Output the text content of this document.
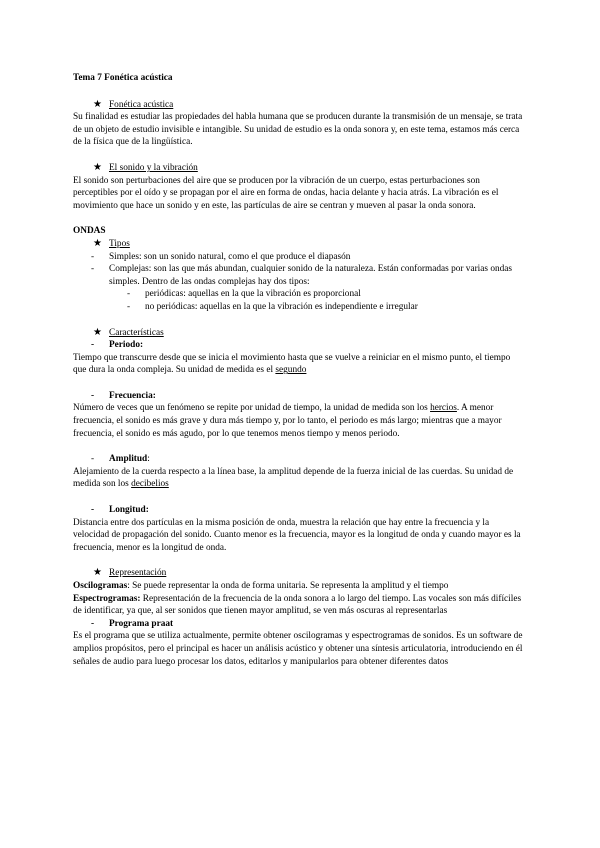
Tema 7 Fonética acústica

★ Fonética acústica

Su finalidad es estudiar las propiedades del habla humana que se producen durante la transmisión de un mensaje, se trata de un objeto de estudio invisible e intangible. Su unidad de estudio es la onda sonora y, en este tema, estamos más cerca de la física que de la lingüística.

★ El sonido y la vibración

El sonido son perturbaciones del aire que se producen por la vibración de un cuerpo, estas perturbaciones son perceptibles por el oído y se propagan por el aire en forma de ondas, hacia delante y hacia atrás. La vibración es el movimiento que hace un sonido y en este, las partículas de aire se centran y mueven al pasar la onda sonora.

ONDAS

★ Tipos

- Simples: son un sonido natural, como el que produce el diapasón

- Complejas: son las que más abundan, cualquier sonido de la naturaleza. Están conformadas por varias ondas simples. Dentro de las ondas complejas hay dos tipos:

- periódicas: aquellas en la que la vibración es proporcional

- no periódicas: aquellas en la que la vibración es independiente e irregular

★ Características

- Periodo:

Tiempo que transcurre desde que se inicia el movimiento hasta que se vuelve a reiniciar en el mismo punto, el tiempo que dura la onda compleja. Su unidad de medida es el segundo

- Frecuencia:

Número de veces que un fenómeno se repite por unidad de tiempo, la unidad de medida son los hercios. A menor frecuencia, el sonido es más grave y dura más tiempo y, por lo tanto, el periodo es más largo; mientras que a mayor frecuencia, el sonido es más agudo, por lo que tenemos menos tiempo y menos periodo.

- Amplitud:

Alejamiento de la cuerda respecto a la línea base, la amplitud depende de la fuerza inicial de las cuerdas. Su unidad de medida son los decibelios

- Longitud:

Distancia entre dos partículas en la misma posición de onda, muestra la relación que hay entre la frecuencia y la velocidad de propagación del sonido. Cuanto menor es la frecuencia, mayor es la longitud de onda y cuando mayor es la frecuencia, menor es la longitud de onda.

★ Representación

Oscilogramas: Se puede representar la onda de forma unitaria. Se representa la amplitud y el tiempo

Espectrogramas: Representación de la frecuencia de la onda sonora a lo largo del tiempo. Las vocales son más difíciles de identificar, ya que, al ser sonidos que tienen mayor amplitud, se ven más oscuras al representarlas

- Programa praat

Es el programa que se utiliza actualmente, permite obtener oscilogramas y espectrogramas de sonidos. Es un software de amplios propósitos, pero el principal es hacer un análisis acústico y obtener una síntesis articulatoria, introduciendo en él señales de audio para luego procesar los datos, editarlos y manipularlos para obtener diferentes datos
